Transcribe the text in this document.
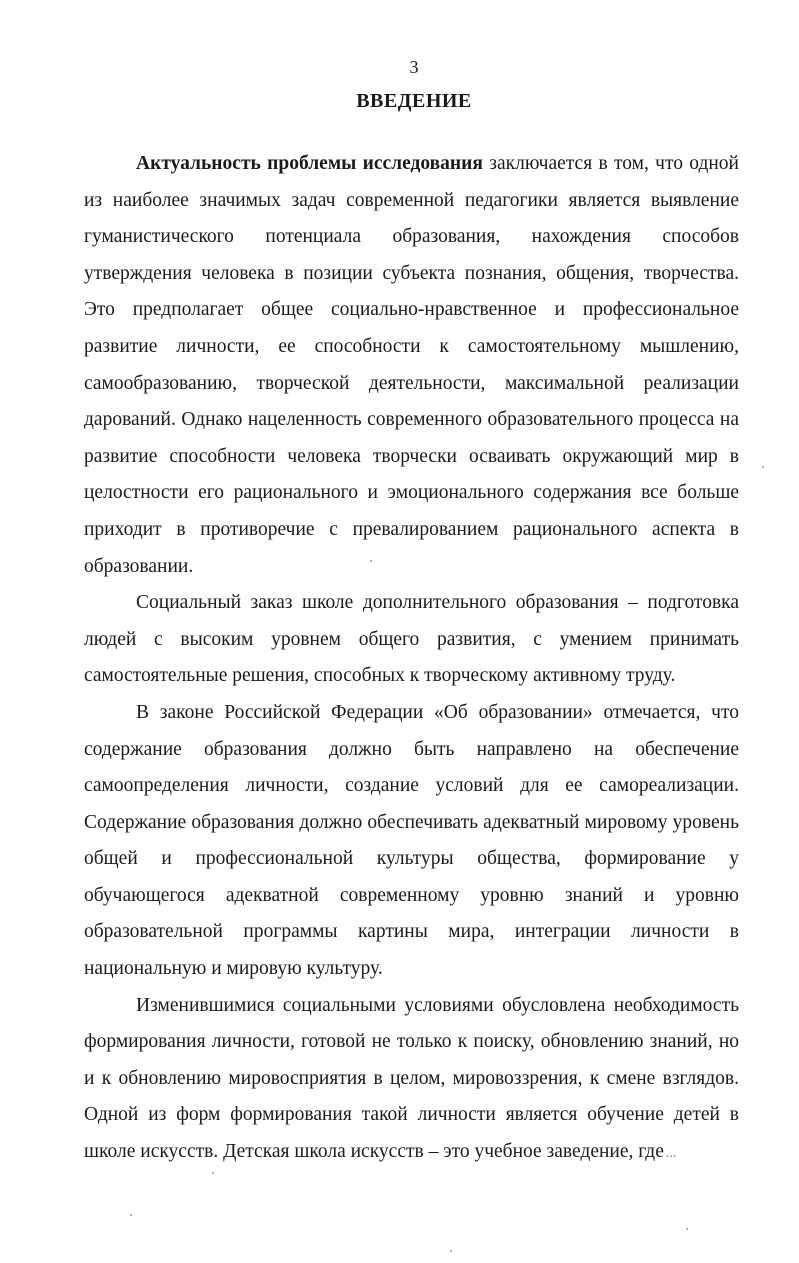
3
ВВЕДЕНИЕ

Актуальность проблемы исследования заключается в том, что одной из наиболее значимых задач современной педагогики является выявление гуманистического потенциала образования, нахождения способов утверждения человека в позиции субъекта познания, общения, творчества. Это предполагает общее социально-нравственное и профессиональное развитие личности, ее способности к самостоятельному мышлению, самообразованию, творческой деятельности, максимальной реализации дарований. Однако нацеленность современного образовательного процесса на развитие способности человека творчески осваивать окружающий мир в целостности его рационального и эмоционального содержания все больше приходит в противоречие с превалированием рационального аспекта в образовании.

Социальный заказ школе дополнительного образования – подготовка людей с высоким уровнем общего развития, с умением принимать самостоятельные решения, способных к творческому активному труду.

В законе Российской Федерации «Об образовании» отмечается, что содержание образования должно быть направлено на обеспечение самоопределения личности, создание условий для ее самореализации. Содержание образования должно обеспечивать адекватный мировому уровень общей и профессиональной культуры общества, формирование у обучающегося адекватной современному уровню знаний и уровню образовательной программы картины мира, интеграции личности в национальную и мировую культуру.

Изменившимися социальными условиями обусловлена необходимость формирования личности, готовой не только к поиску, обновлению знаний, но и к обновлению мировосприятия в целом, мировоззрения, к смене взглядов. Одной из форм формирования такой личности является обучение детей в школе искусств. Детская школа искусств – это учебное заведение, где ...
